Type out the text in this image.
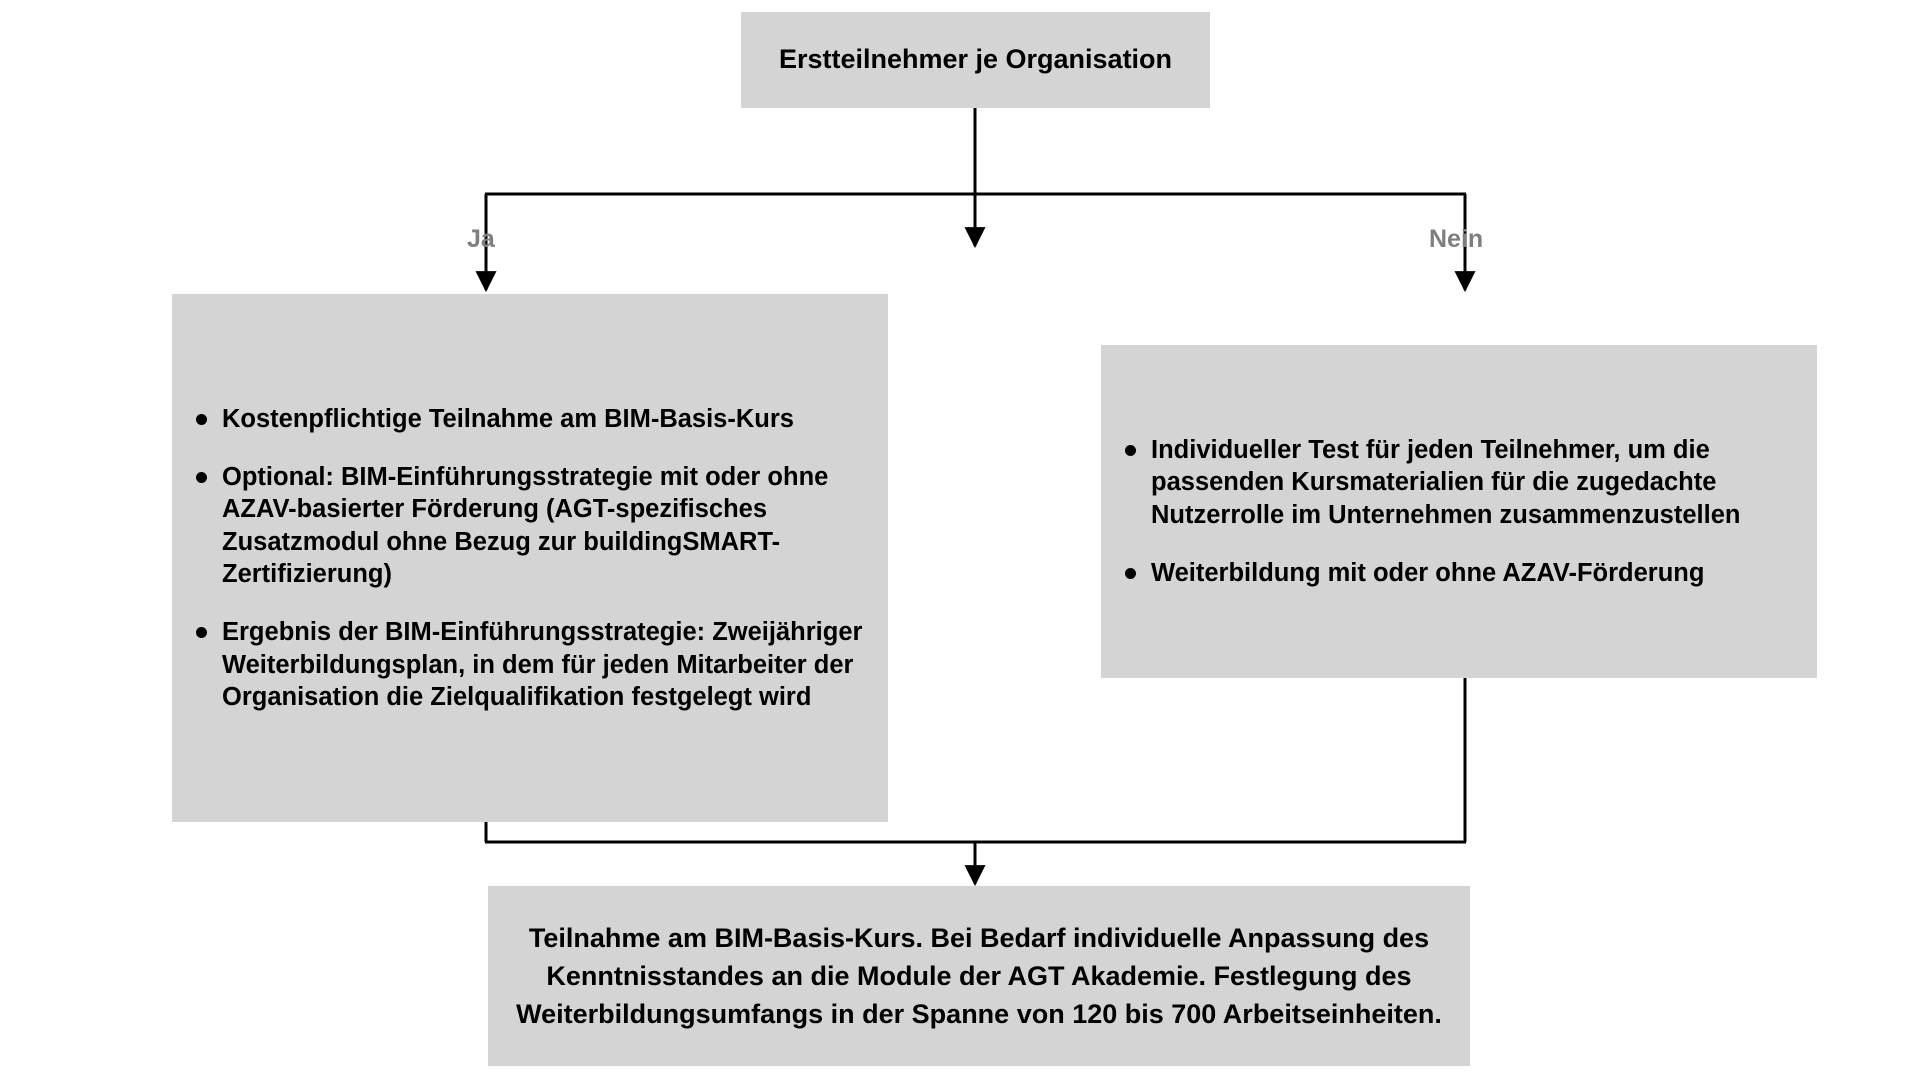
Erstteilnehmer je Organisation
Ja	Nein
Kostenpflichtige Teilnahme am BIM-Basis-Kurs
Optional: BIM-Einführungsstrategie mit oder ohne AZAV-basierter Förderung (AGT-spezifisches Zusatzmodul ohne Bezug zur buildingSMART-Zertifizierung)
Ergebnis der BIM-Einführungsstrategie: Zweijähriger Weiterbildungsplan, in dem für jeden Mitarbeiter der Organisation die Zielqualifikation festgelegt wird
Individueller Test für jeden Teilnehmer, um die passenden Kursmaterialien für die zugedachte Nutzerrolle im Unternehmen zusammenzustellen
Weiterbildung mit oder ohne AZAV-Förderung
Teilnahme am BIM-Basis-Kurs. Bei Bedarf individuelle Anpassung des Kenntnisstandes an die Module der AGT Akademie. Festlegung des Weiterbildungsumfangs in der Spanne von 120 bis 700 Arbeitseinheiten.
